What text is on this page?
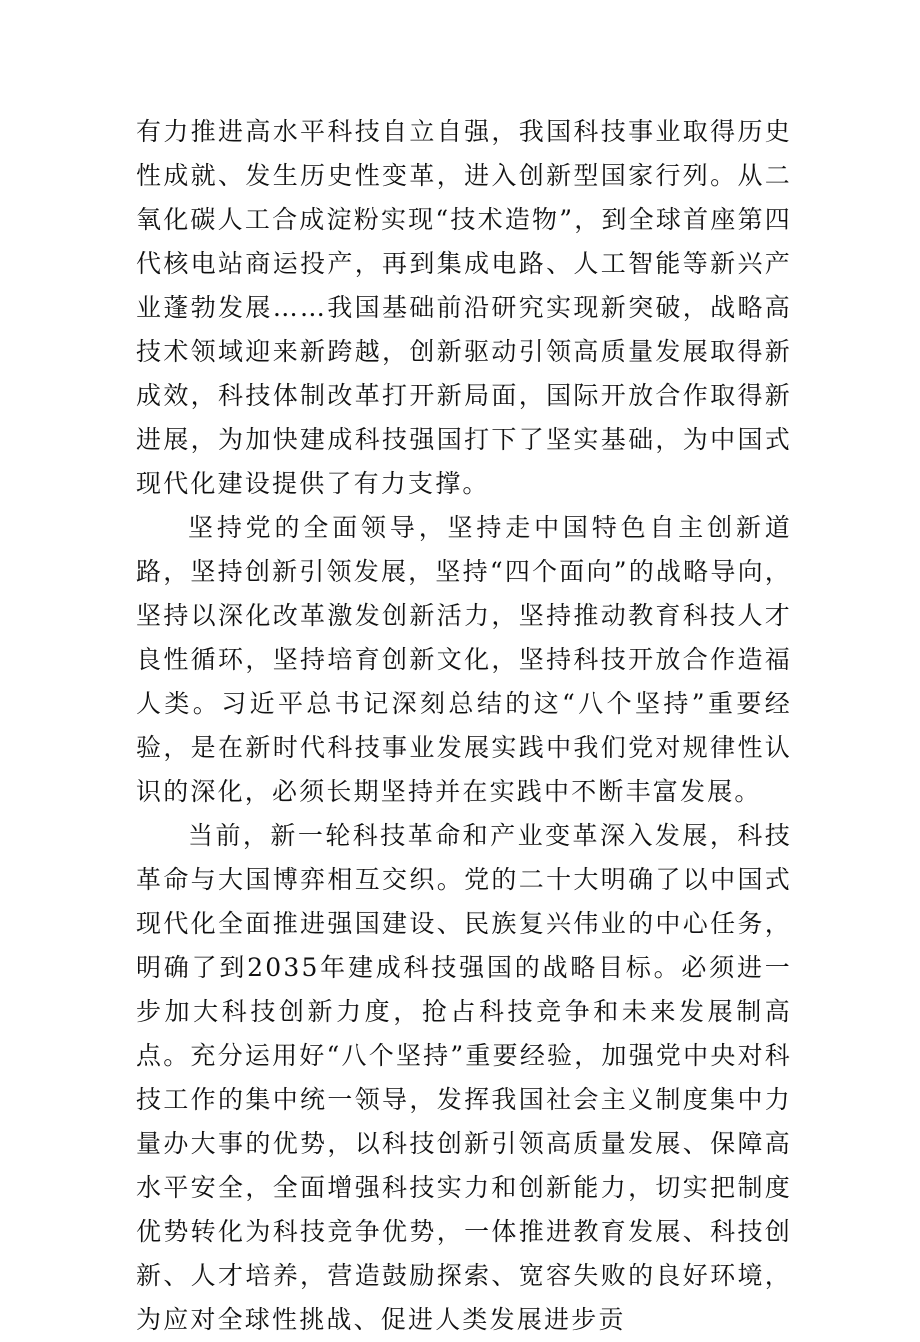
有力推进高水平科技自立自强，我国科技事业取得历史性成就、发生历史性变革，进入创新型国家行列。从二氧化碳人工合成淀粉实现“技术造物”，到全球首座第四代核电站商运投产，再到集成电路、人工智能等新兴产业蓬勃发展……我国基础前沿研究实现新突破，战略高技术领域迎来新跨越，创新驱动引领高质量发展取得新成效，科技体制改革打开新局面，国际开放合作取得新进展，为加快建成科技强国打下了坚实基础，为中国式现代化建设提供了有力支撑。

坚持党的全面领导，坚持走中国特色自主创新道路，坚持创新引领发展，坚持“四个面向”的战略导向，坚持以深化改革激发创新活力，坚持推动教育科技人才良性循环，坚持培育创新文化，坚持科技开放合作造福人类。习近平总书记深刻总结的这“八个坚持”重要经验，是在新时代科技事业发展实践中我们党对规律性认识的深化，必须长期坚持并在实践中不断丰富发展。

当前，新一轮科技革命和产业变革深入发展，科技革命与大国博弈相互交织。党的二十大明确了以中国式现代化全面推进强国建设、民族复兴伟业的中心任务，明确了到2035年建成科技强国的战略目标。必须进一步加大科技创新力度，抢占科技竞争和未来发展制高点。充分运用好“八个坚持”重要经验，加强党中央对科技工作的集中统一领导，发挥我国社会主义制度集中力量办大事的优势，以科技创新引领高质量发展、保障高水平安全，全面增强科技实力和创新能力，切实把制度优势转化为科技竞争优势，一体推进教育发展、科技创新、人才培养，营造鼓励探索、宽容失败的良好环境，为应对全球性挑战、促进人类发展进步贡
